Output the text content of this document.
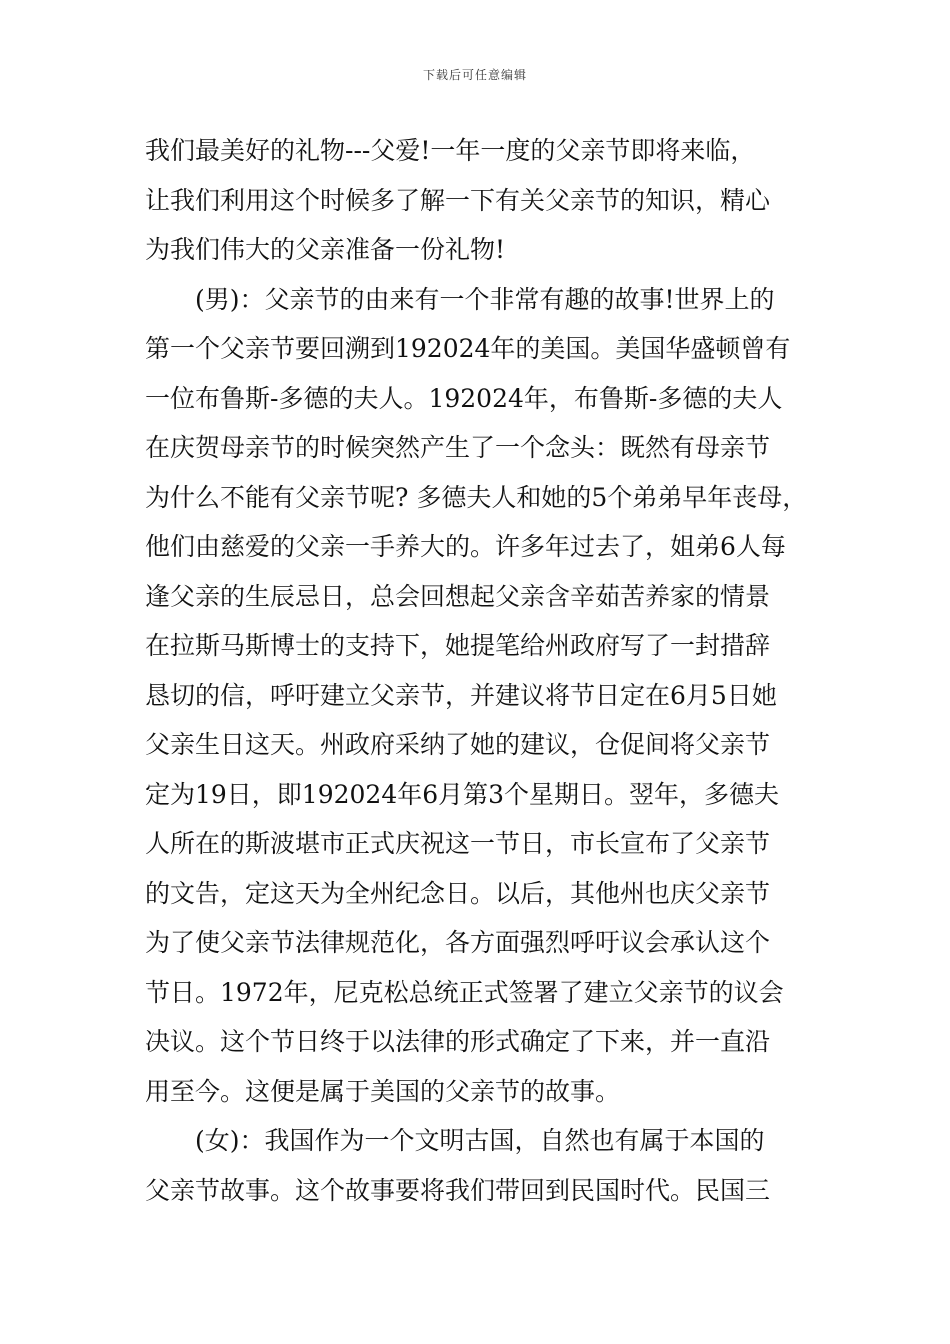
下载后可任意编辑
我们最美好的礼物---父爱!一年一度的父亲节即将来临，
让我们利用这个时候多了解一下有关父亲节的知识，精心
为我们伟大的父亲准备一份礼物!
(男)：父亲节的由来有一个非常有趣的故事!世界上的
第一个父亲节要回溯到192024年的美国。美国华盛顿曾有
一位布鲁斯-多德的夫人。192024年，布鲁斯-多德的夫人
在庆贺母亲节的时候突然产生了一个念头：既然有母亲节
为什么不能有父亲节呢? 多德夫人和她的5个弟弟早年丧母，
他们由慈爱的父亲一手养大的。许多年过去了，姐弟6人每
逢父亲的生辰忌日，总会回想起父亲含辛茹苦养家的情景
在拉斯马斯博士的支持下，她提笔给州政府写了一封措辞
恳切的信，呼吁建立父亲节，并建议将节日定在6月5日她
父亲生日这天。州政府采纳了她的建议，仓促间将父亲节
定为19日，即192024年6月第3个星期日。翌年，多德夫
人所在的斯波堪市正式庆祝这一节日，市长宣布了父亲节
的文告，定这天为全州纪念日。以后，其他州也庆父亲节
为了使父亲节法律规范化，各方面强烈呼吁议会承认这个
节日。1972年，尼克松总统正式签署了建立父亲节的议会
决议。这个节日终于以法律的形式确定了下来，并一直沿
用至今。这便是属于美国的父亲节的故事。
(女)：我国作为一个文明古国，自然也有属于本国的
父亲节故事。这个故事要将我们带回到民国时代。民国三
